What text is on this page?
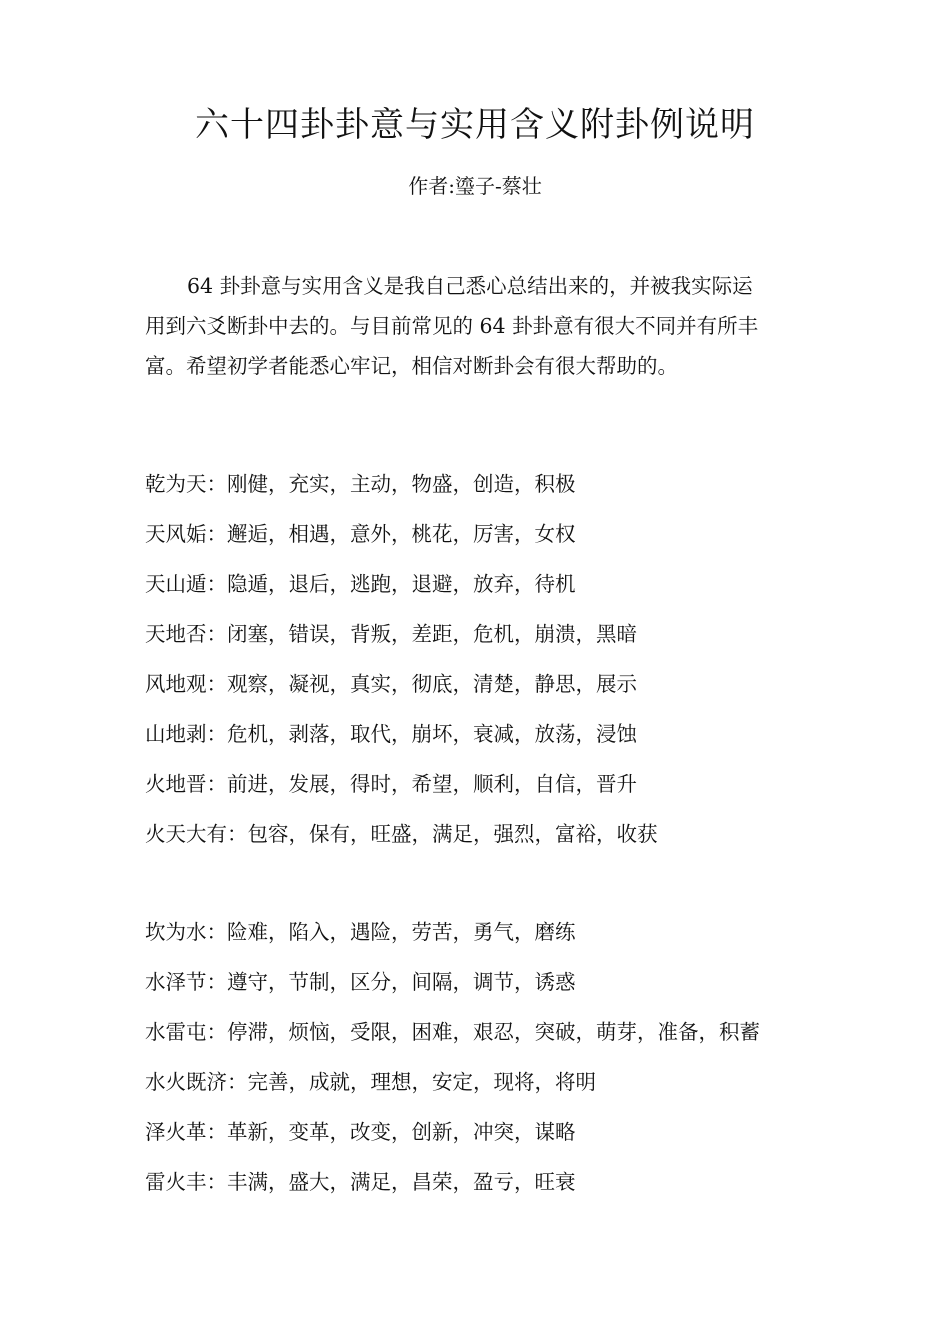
六十四卦卦意与实用含义附卦例说明
作者:瑬子-蔡壮

64 卦卦意与实用含义是我自己悉心总结出来的，并被我实际运

用到六爻断卦中去的。与目前常见的 64 卦卦意有很大不同并有所丰

富。希望初学者能悉心牢记，相信对断卦会有很大帮助的。

乾为天：刚健，充实，主动，物盛，创造，积极
天风姤：邂逅，相遇，意外，桃花，厉害，女权
天山遁：隐遁，退后，逃跑，退避，放弃，待机
天地否：闭塞，错误，背叛，差距，危机，崩溃，黑暗
风地观：观察，凝视，真实，彻底，清楚，静思，展示
山地剥：危机，剥落，取代，崩坏，衰减，放荡，浸蚀
火地晋：前进，发展，得时，希望，顺利，自信，晋升
火天大有：包容，保有，旺盛，满足，强烈，富裕，收获
坎为水：险难，陷入，遇险，劳苦，勇气，磨练
水泽节：遵守，节制，区分，间隔，调节，诱惑
水雷屯：停滞，烦恼，受限，困难，艰忍，突破，萌芽，准备，积蓄
水火既济：完善，成就，理想，安定，现将，将明
泽火革：革新，变革，改变，创新，冲突，谋略
雷火丰：丰满，盛大，满足，昌荣，盈亏，旺衰
